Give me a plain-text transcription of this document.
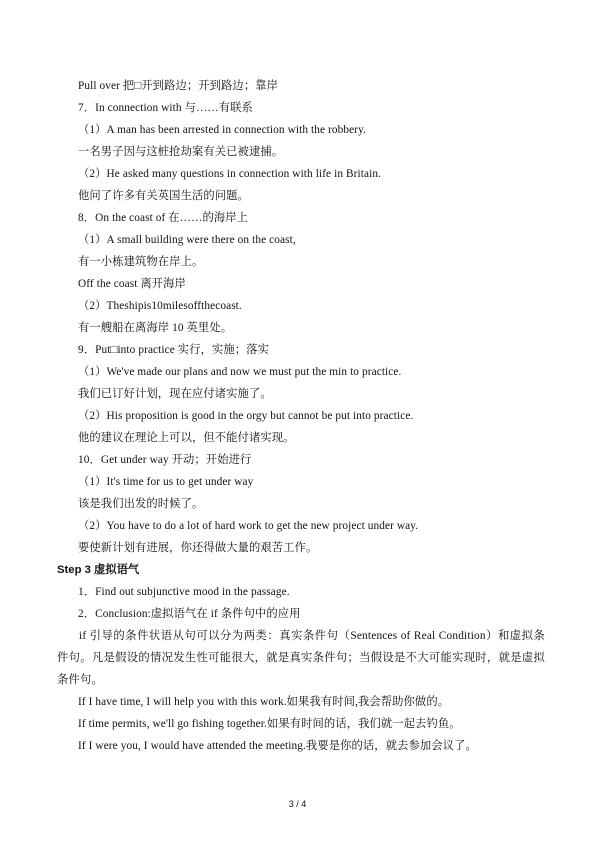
Pull over 把□开到路边；开到路边；靠岸
7．In connection with 与……有联系
（1）A man has been arrested in connection with the robbery.
一名男子因与这桩抢劫案有关已被逮捕。
（2）He asked many questions in connection with life in Britain.
他问了许多有关英国生活的问题。
8．On the coast of 在……的海岸上
（1）A small building were there on the coast,
有一小栋建筑物在岸上。
Off the coast 离开海岸
（2）Theshipis10milesoffthecoast.
有一艘船在离海岸 10 英里处。
9．Put□into practice 实行，实施；落实
（1）We've made our plans and now we must put the min to practice.
我们已订好计划，现在应付诸实施了。
（2）His proposition is good in the orgy but cannot be put into practice.
他的建议在理论上可以，但不能付诸实现。
10．Get under way 开动；开始进行
（1）It's time for us to get under way
该是我们出发的时候了。
（2）You have to do a lot of hard work to get the new project under way.
要使新计划有进展，你还得做大量的艰苦工作。
Step 3 虚拟语气
1．Find out subjunctive mood in the passage.
2．Conclusion:虚拟语气在 if 条件句中的应用
if 引导的条件状语从句可以分为两类：真实条件句（Sentences of Real Condition）和虚拟条件句。凡是假设的情况发生性可能很大，就是真实条件句；当假设是不大可能实现时，就是虚拟条件句。
If I have time, I will help you with this work.如果我有时间,我会帮助你做的。
If time permits, we'll go fishing together.如果有时间的话，我们就一起去钓鱼。
If I were you, I would have attended the meeting.我要是你的话，就去参加会议了。
3 / 4
